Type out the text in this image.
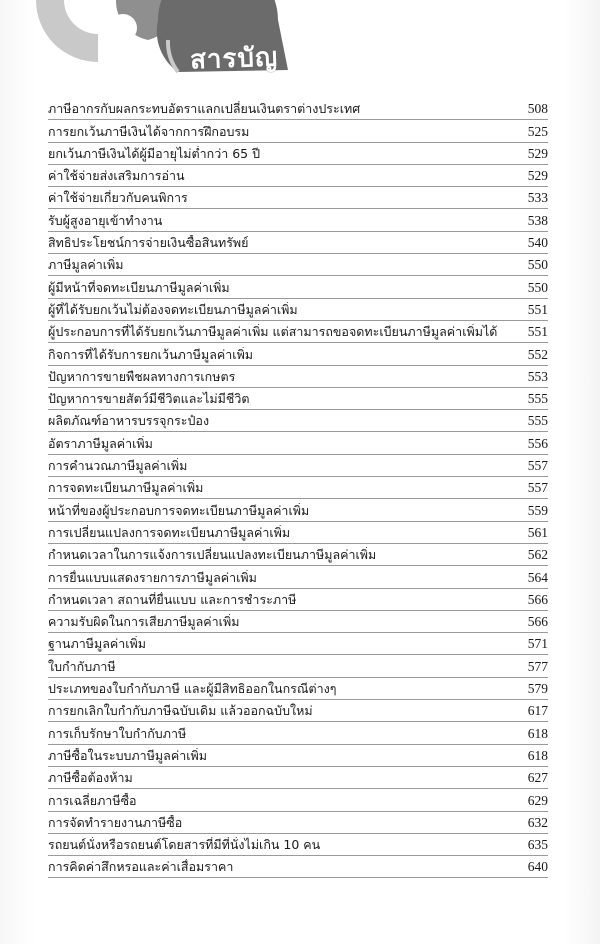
สารบัญ
ภาษีอากรกับผลกระทบอัตราแลกเปลี่ยนเงินตราต่างประเทศ	508
การยกเว้นภาษีเงินได้จากการฝึกอบรม	525
ยกเว้นภาษีเงินได้ผู้มีอายุไม่ต่ำกว่า 65 ปี	529
ค่าใช้จ่ายส่งเสริมการอ่าน	529
ค่าใช้จ่ายเกี่ยวกับคนพิการ	533
รับผู้สูงอายุเข้าทำงาน	538
สิทธิประโยชน์การจ่ายเงินซื้อสินทรัพย์	540
ภาษีมูลค่าเพิ่ม	550
ผู้มีหน้าที่จดทะเบียนภาษีมูลค่าเพิ่ม	550
ผู้ที่ได้รับยกเว้นไม่ต้องจดทะเบียนภาษีมูลค่าเพิ่ม	551
ผู้ประกอบการที่ได้รับยกเว้นภาษีมูลค่าเพิ่ม แต่สามารถขอจดทะเบียนภาษีมูลค่าเพิ่มได้	551
กิจการที่ได้รับการยกเว้นภาษีมูลค่าเพิ่ม	552
ปัญหาการขายพืชผลทางการเกษตร	553
ปัญหาการขายสัตว์มีชีวิตและไม่มีชีวิต	555
ผลิตภัณฑ์อาหารบรรจุกระป๋อง	555
อัตราภาษีมูลค่าเพิ่ม	556
การคำนวณภาษีมูลค่าเพิ่ม	557
การจดทะเบียนภาษีมูลค่าเพิ่ม	557
หน้าที่ของผู้ประกอบการจดทะเบียนภาษีมูลค่าเพิ่ม	559
การเปลี่ยนแปลงการจดทะเบียนภาษีมูลค่าเพิ่ม	561
กำหนดเวลาในการแจ้งการเปลี่ยนแปลงทะเบียนภาษีมูลค่าเพิ่ม	562
การยื่นแบบแสดงรายการภาษีมูลค่าเพิ่ม	564
กำหนดเวลา สถานที่ยื่นแบบ และการชำระภาษี	566
ความรับผิดในการเสียภาษีมูลค่าเพิ่ม	566
ฐานภาษีมูลค่าเพิ่ม	571
ใบกำกับภาษี	577
ประเภทของใบกำกับภาษี และผู้มีสิทธิออกในกรณีต่างๆ	579
การยกเลิกใบกำกับภาษีฉบับเดิม แล้วออกฉบับใหม่	617
การเก็บรักษาใบกำกับภาษี	618
ภาษีซื้อในระบบภาษีมูลค่าเพิ่ม	618
ภาษีซื้อต้องห้าม	627
การเฉลี่ยภาษีซื้อ	629
การจัดทำรายงานภาษีซื้อ	632
รถยนต์นั่งหรือรถยนต์โดยสารที่มีที่นั่งไม่เกิน 10 คน	635
การคิดค่าสึกหรอและค่าเสื่อมราคา	640
